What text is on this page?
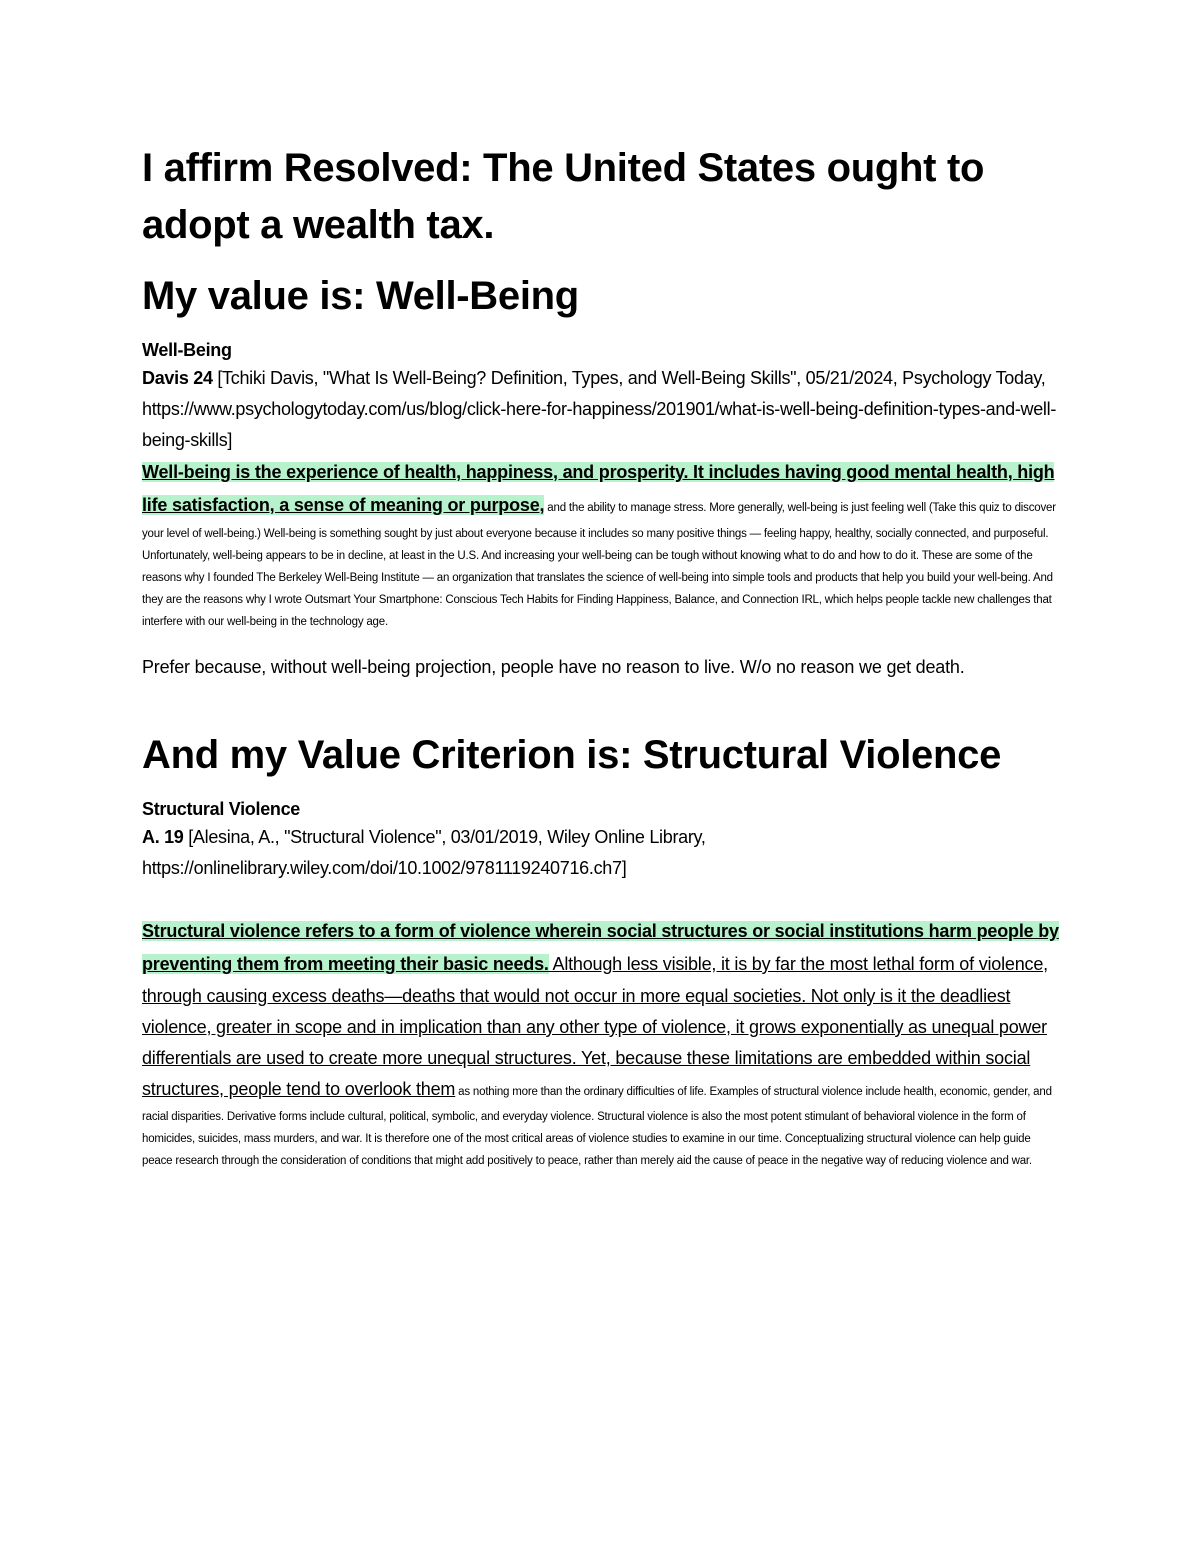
I affirm Resolved: The United States ought to adopt a wealth tax.
My value is: Well-Being
Well-Being
Davis 24 [Tchiki Davis, "What Is Well-Being? Definition, Types, and Well-Being Skills", 05/21/2024, Psychology Today, https://www.psychologytoday.com/us/blog/click-here-for-happiness/201901/what-is-well-being-definition-types-and-well-being-skills]

Well-being is the experience of health, happiness, and prosperity. It includes having good mental health, high life satisfaction, a sense of meaning or purpose, and the ability to manage stress. More generally, well-being is just feeling well (Take this quiz to discover your level of well-being.) Well-being is something sought by just about everyone because it includes so many positive things — feeling happy, healthy, socially connected, and purposeful. Unfortunately, well-being appears to be in decline, at least in the U.S. And increasing your well-being can be tough without knowing what to do and how to do it. These are some of the reasons why I founded The Berkeley Well-Being Institute — an organization that translates the science of well-being into simple tools and products that help you build your well-being. And they are the reasons why I wrote Outsmart Your Smartphone: Conscious Tech Habits for Finding Happiness, Balance, and Connection IRL, which helps people tackle new challenges that interfere with our well-being in the technology age.

Prefer because, without well-being projection, people have no reason to live. W/o no reason we get death.
And my Value Criterion is: Structural Violence
Structural Violence
A. 19 [Alesina, A., "Structural Violence", 03/01/2019, Wiley Online Library, https://onlinelibrary.wiley.com/doi/10.1002/9781119240716.ch7]

Structural violence refers to a form of violence wherein social structures or social institutions harm people by preventing them from meeting their basic needs. Although less visible, it is by far the most lethal form of violence, through causing excess deaths—deaths that would not occur in more equal societies. Not only is it the deadliest violence, greater in scope and in implication than any other type of violence, it grows exponentially as unequal power differentials are used to create more unequal structures. Yet, because these limitations are embedded within social structures, people tend to overlook them as nothing more than the ordinary difficulties of life. Examples of structural violence include health, economic, gender, and racial disparities. Derivative forms include cultural, political, symbolic, and everyday violence. Structural violence is also the most potent stimulant of behavioral violence in the form of homicides, suicides, mass murders, and war. It is therefore one of the most critical areas of violence studies to examine in our time. Conceptualizing structural violence can help guide peace research through the consideration of conditions that might add positively to peace, rather than merely aid the cause of peace in the negative way of reducing violence and war.
